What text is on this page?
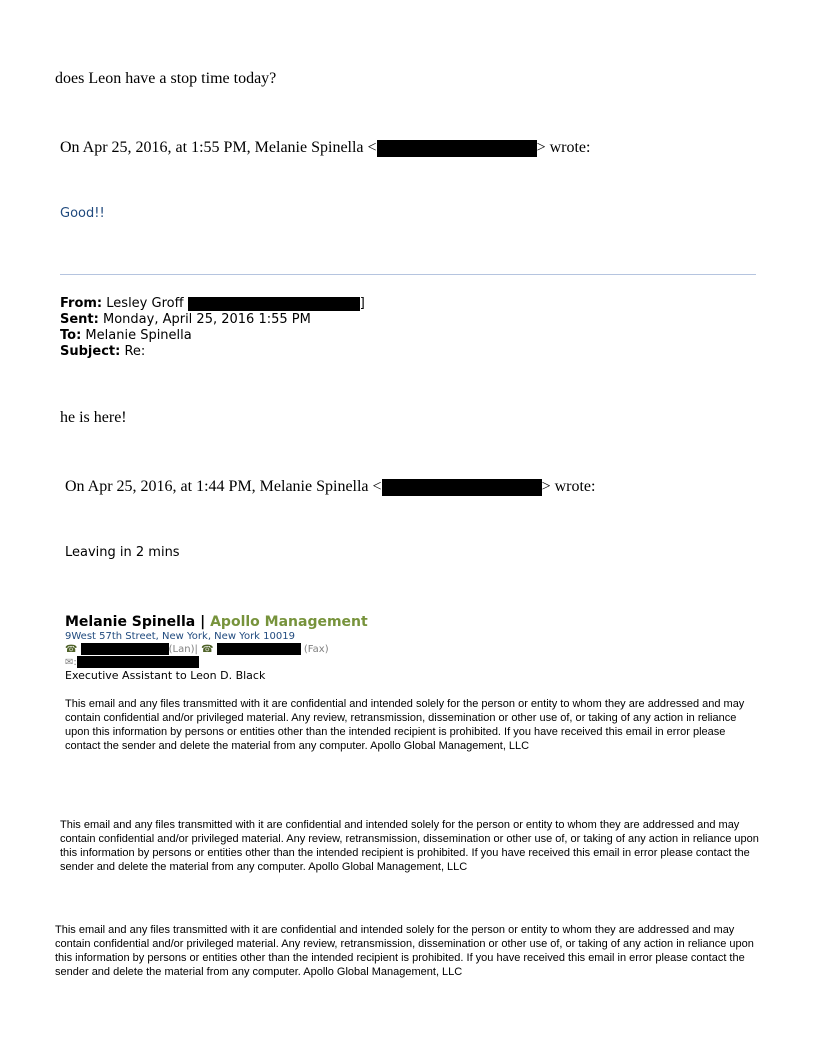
does Leon have a stop time today?
On Apr 25, 2016, at 1:55 PM, Melanie Spinella <	> wrote:
Good!!
From: Lesley Groff	]
Sent: Monday, April 25, 2016 1:55 PM
To: Melanie Spinella
Subject: Re:
he is here!
On Apr 25, 2016, at 1:44 PM, Melanie Spinella <	> wrote:
Leaving in 2 mins
Melanie Spinella | Apollo Management
9West 57th Street, New York, New York 10019
☎	(Lan)| ☎	(Fax)
✉:
Executive Assistant to Leon D. Black
This email and any files transmitted with it are confidential and intended solely for the person or entity to whom they are addressed and may contain confidential and/or privileged material. Any review, retransmission, dissemination or other use of, or taking of any action in reliance upon this information by persons or entities other than the intended recipient is prohibited. If you have received this email in error please contact the sender and delete the material from any computer. Apollo Global Management, LLC
This email and any files transmitted with it are confidential and intended solely for the person or entity to whom they are addressed and may contain confidential and/or privileged material. Any review, retransmission, dissemination or other use of, or taking of any action in reliance upon this information by persons or entities other than the intended recipient is prohibited. If you have received this email in error please contact the sender and delete the material from any computer. Apollo Global Management, LLC
This email and any files transmitted with it are confidential and intended solely for the person or entity to whom they are addressed and may contain confidential and/or privileged material. Any review, retransmission, dissemination or other use of, or taking of any action in reliance upon this information by persons or entities other than the intended recipient is prohibited. If you have received this email in error please contact the sender and delete the material from any computer. Apollo Global Management, LLC
